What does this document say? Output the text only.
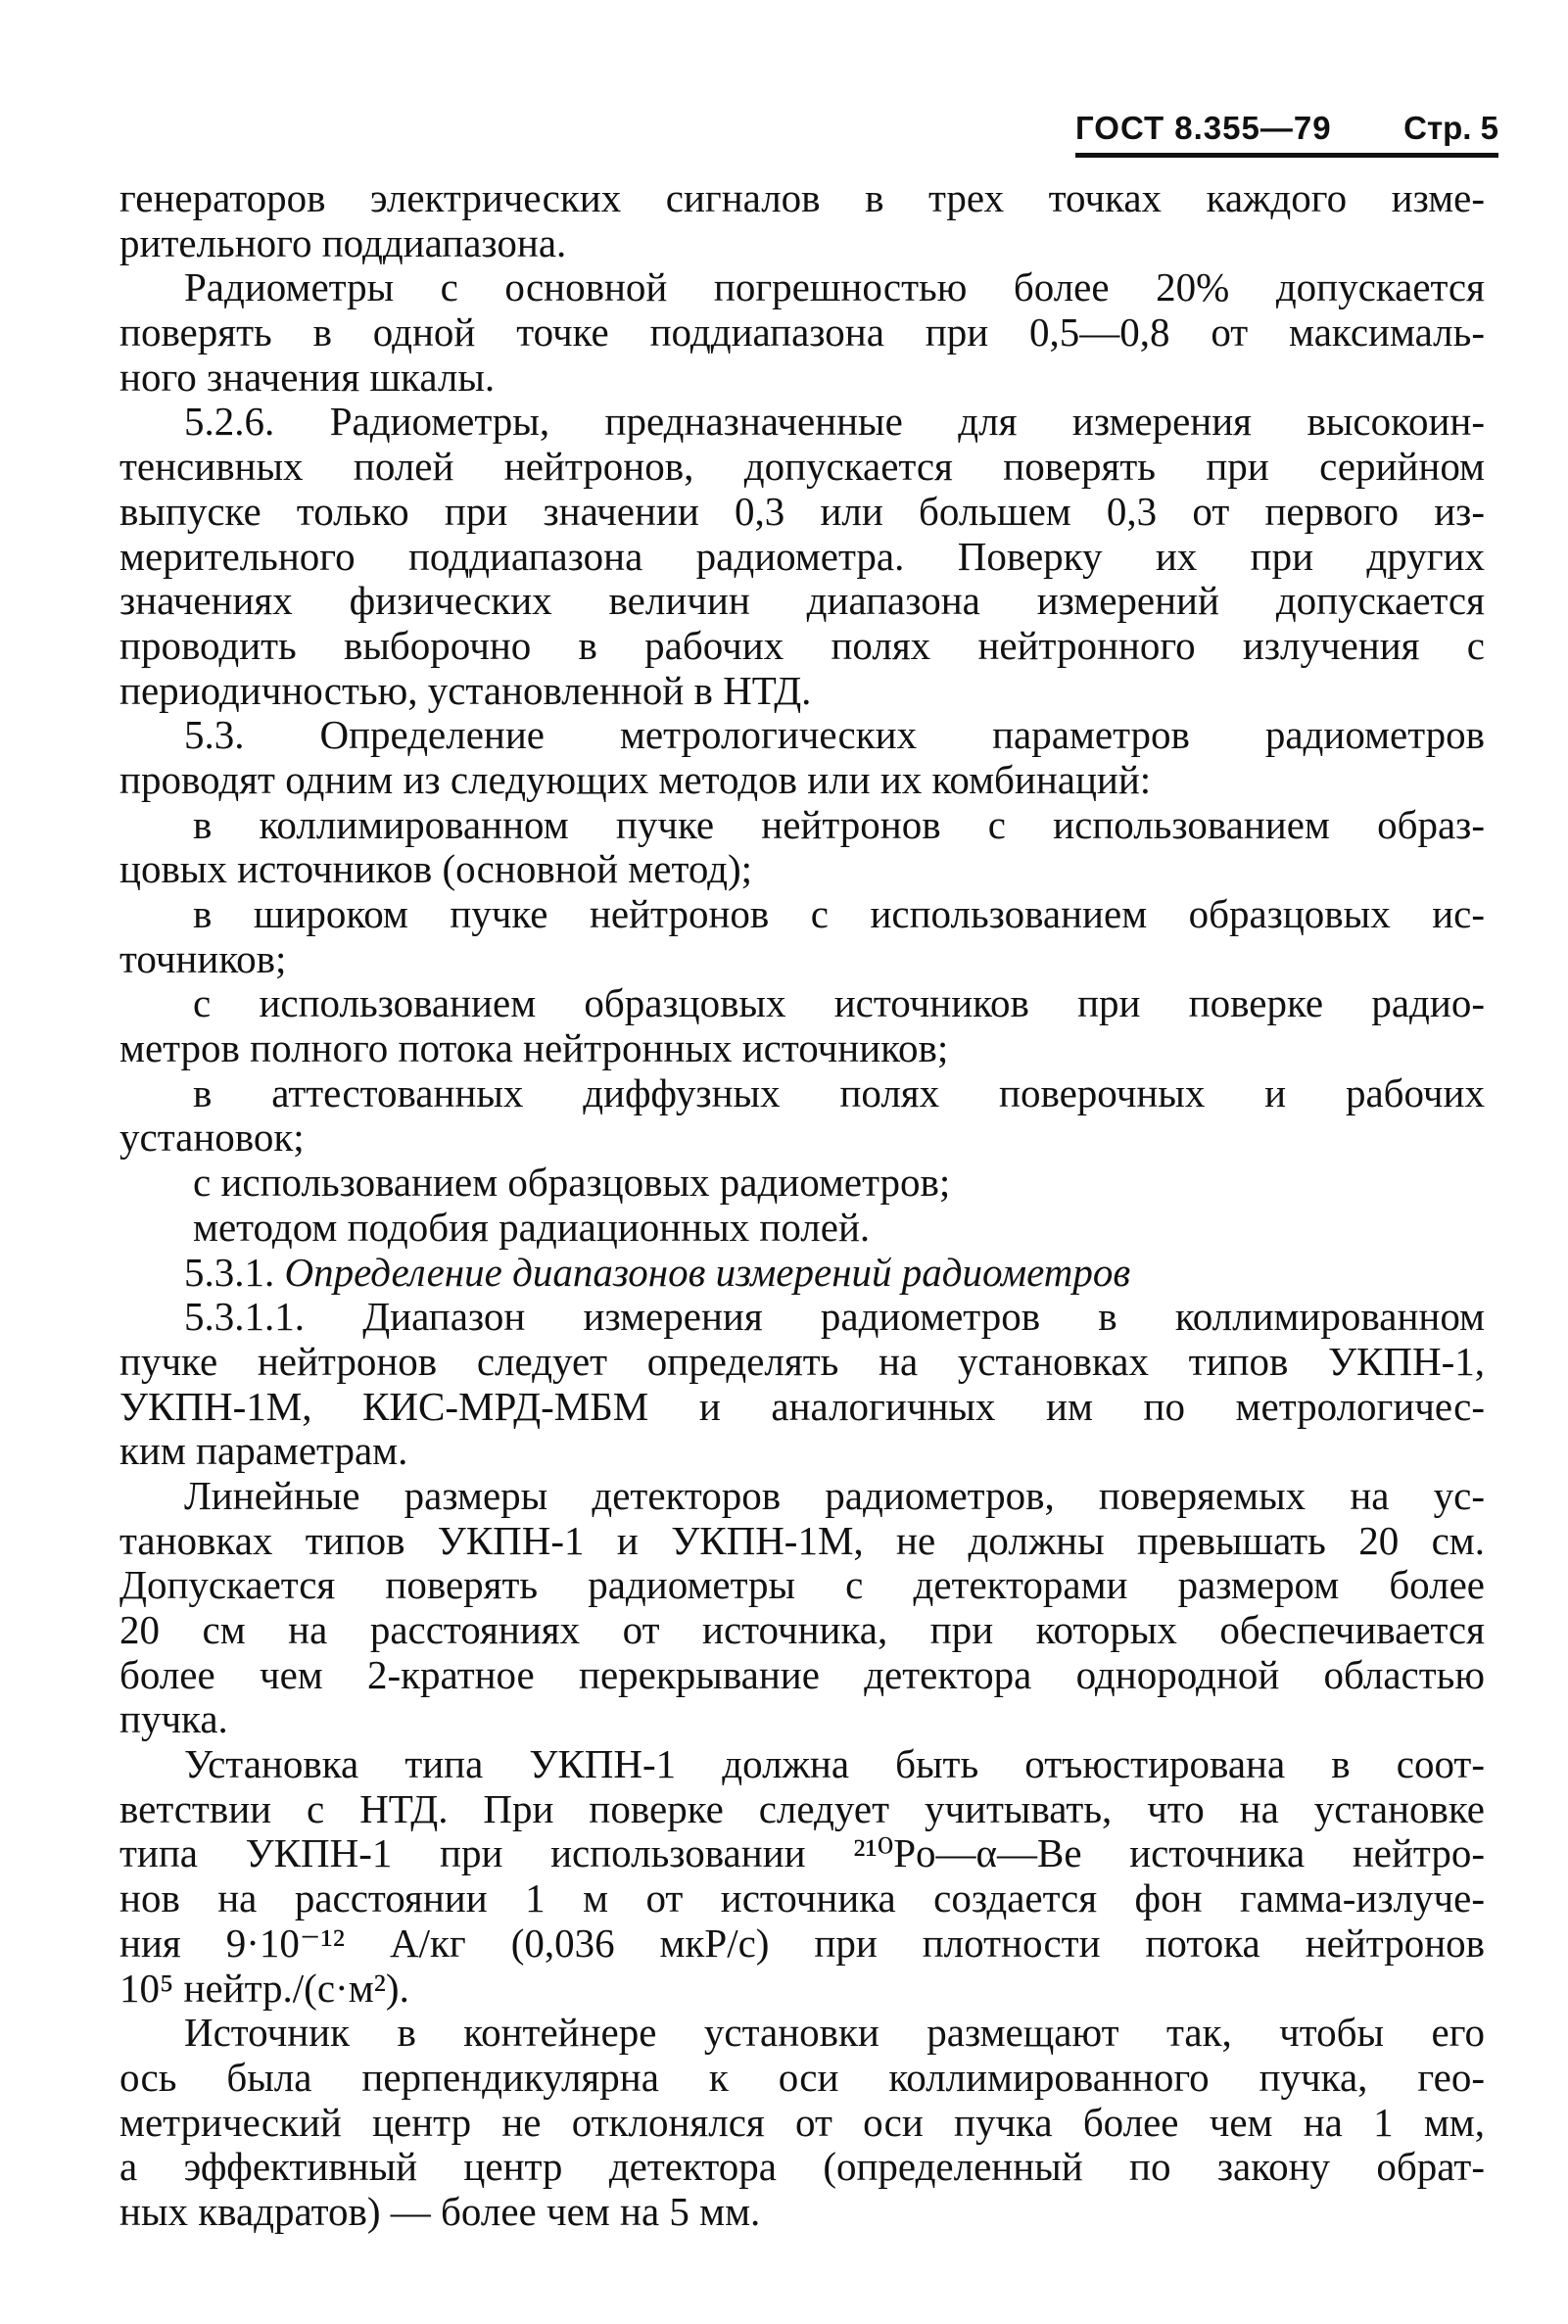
ГОСТ 8.355—79 Стр. 5
генераторов электрических сигналов в трех точках каждого изме-
рительного поддиапазона.
Радиометры с основной погрешностью более 20% допускается
поверять в одной точке поддиапазона при 0,5—0,8 от максималь-
ного значения шкалы.
5.2.6. Радиометры, предназначенные для измерения высокоин-
тенсивных полей нейтронов, допускается поверять при серийном
выпуске только при значении 0,3 или большем 0,3 от первого из-
мерительного поддиапазона радиометра. Поверку их при других
значениях физических величин диапазона измерений допускается
проводить выборочно в рабочих полях нейтронного излучения с
периодичностью, установленной в НТД.
5.3. Определение метрологических параметров радиометров
проводят одним из следующих методов или их комбинаций:
в коллимированном пучке нейтронов с использованием образ-
цовых источников (основной метод);
в широком пучке нейтронов с использованием образцовых ис-
точников;
с использованием образцовых источников при поверке радио-
метров полного потока нейтронных источников;
в аттестованных диффузных полях поверочных и рабочих
установок;
с использованием образцовых радиометров;
методом подобия радиационных полей.
5.3.1. Определение диапазонов измерений радиометров
5.3.1.1. Диапазон измерения радиометров в коллимированном
пучке нейтронов следует определять на установках типов УКПН-1,
УКПН-1М, КИС-МРД-МБМ и аналогичных им по метрологичес-
ким параметрам.
Линейные размеры детекторов радиометров, поверяемых на ус-
тановках типов УКПН-1 и УКПН-1М, не должны превышать 20 см.
Допускается поверять радиометры с детекторами размером более
20 см на расстояниях от источника, при которых обеспечивается
более чем 2-кратное перекрывание детектора однородной областью
пучка.
Установка типа УКПН-1 должна быть отъюстирована в соот-
ветствии с НТД. При поверке следует учитывать, что на установке
типа УКПН-1 при использовании ²¹⁰Po—α—Be источника нейтро-
нов на расстоянии 1 м от источника создается фон гамма-излуче-
ния 9·10⁻¹² А/кг (0,036 мкР/с) при плотности потока нейтронов
10⁵ нейтр./(с·м²).
Источник в контейнере установки размещают так, чтобы его
ось была перпендикулярна к оси коллимированного пучка, гео-
метрический центр не отклонялся от оси пучка более чем на 1 мм,
а эффективный центр детектора (определенный по закону обрат-
ных квадратов) — более чем на 5 мм.
